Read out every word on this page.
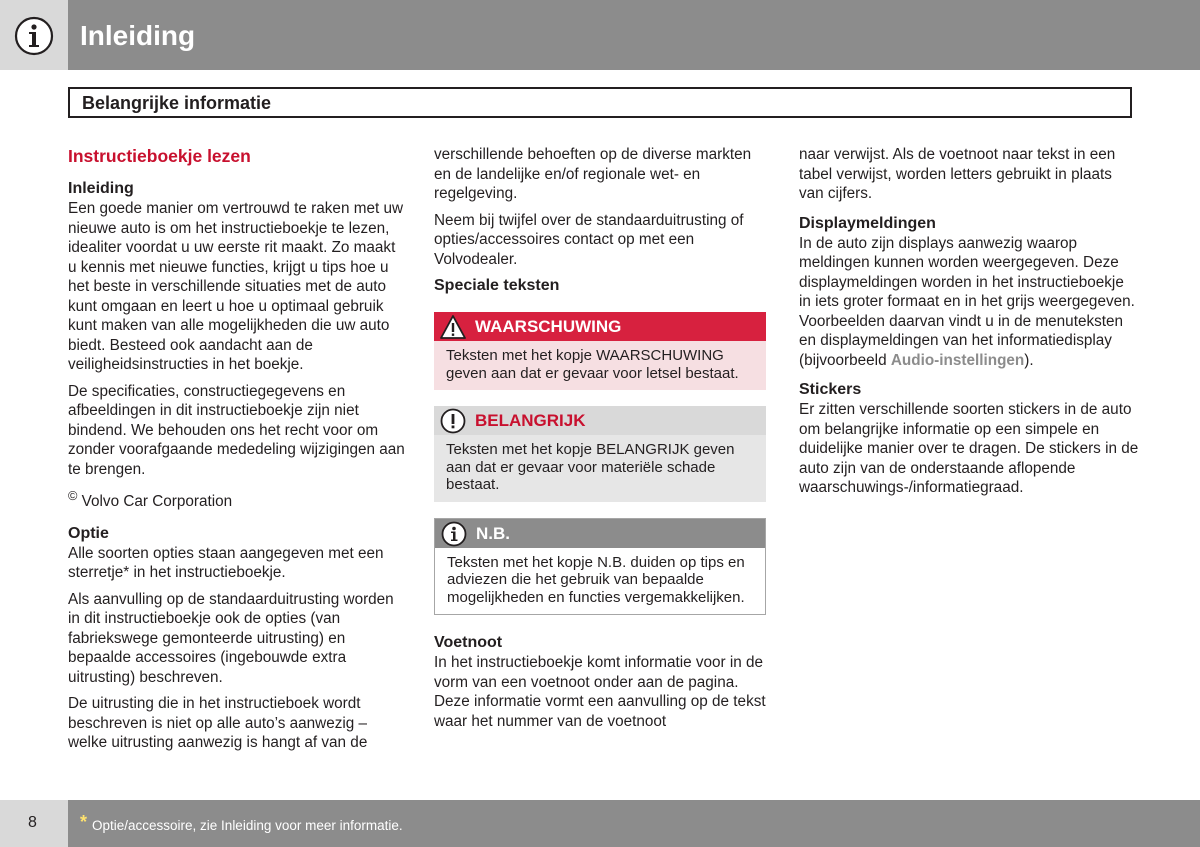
Inleiding
Belangrijke informatie
Instructieboekje lezen
Inleiding

Een goede manier om vertrouwd te raken met uw nieuwe auto is om het instructieboekje te lezen, idealiter voordat u uw eerste rit maakt. Zo maakt u kennis met nieuwe functies, krijgt u tips hoe u het beste in verschillende situaties met de auto kunt omgaan en leert u hoe u optimaal gebruik kunt maken van alle mogelijkheden die uw auto biedt. Besteed ook aandacht aan de veiligheidsinstructies in het boekje.

De specificaties, constructiegegevens en afbeeldingen in dit instructieboekje zijn niet bindend. We behouden ons het recht voor om zonder voorafgaande mededeling wijzigingen aan te brengen.

© Volvo Car Corporation

Optie

Alle soorten opties staan aangegeven met een sterretje* in het instructieboekje.

Als aanvulling op de standaarduitrusting worden in dit instructieboekje ook de opties (van fabriekswege gemonteerde uitrusting) en bepaalde accessoires (ingebouwde extra uitrusting) beschreven.

De uitrusting die in het instructieboek wordt beschreven is niet op alle auto’s aanwezig – welke uitrusting aanwezig is hangt af van de

verschillende behoeften op de diverse markten en de landelijke en/of regionale wet- en regelgeving.

Neem bij twijfel over de standaarduitrusting of opties/accessoires contact op met een Volvodealer.

Speciale teksten
WAARSCHUWING
Teksten met het kopje WAARSCHUWING geven aan dat er gevaar voor letsel bestaat.
BELANGRIJK
Teksten met het kopje BELANGRIJK geven aan dat er gevaar voor materiële schade bestaat.
N.B.
Teksten met het kopje N.B. duiden op tips en adviezen die het gebruik van bepaalde mogelijkheden en functies vergemakkelijken.
Voetnoot

In het instructieboekje komt informatie voor in de vorm van een voetnoot onder aan de pagina. Deze informatie vormt een aanvulling op de tekst waar het nummer van de voetnoot

naar verwijst. Als de voetnoot naar tekst in een tabel verwijst, worden letters gebruikt in plaats van cijfers.

Displaymeldingen

In de auto zijn displays aanwezig waarop meldingen kunnen worden weergegeven. Deze displaymeldingen worden in het instructieboekje in iets groter formaat en in het grijs weergegeven. Voorbeelden daarvan vindt u in de menuteksten en displaymeldingen van het informatiedisplay (bijvoorbeeld Audio-instellingen).

Stickers

Er zitten verschillende soorten stickers in de auto om belangrijke informatie op een simpele en duidelijke manier over te dragen. De stickers in de auto zijn van de onderstaande aflopende waarschuwings-/informatiegraad.

8 * Optie/accessoire, zie Inleiding voor meer informatie.
